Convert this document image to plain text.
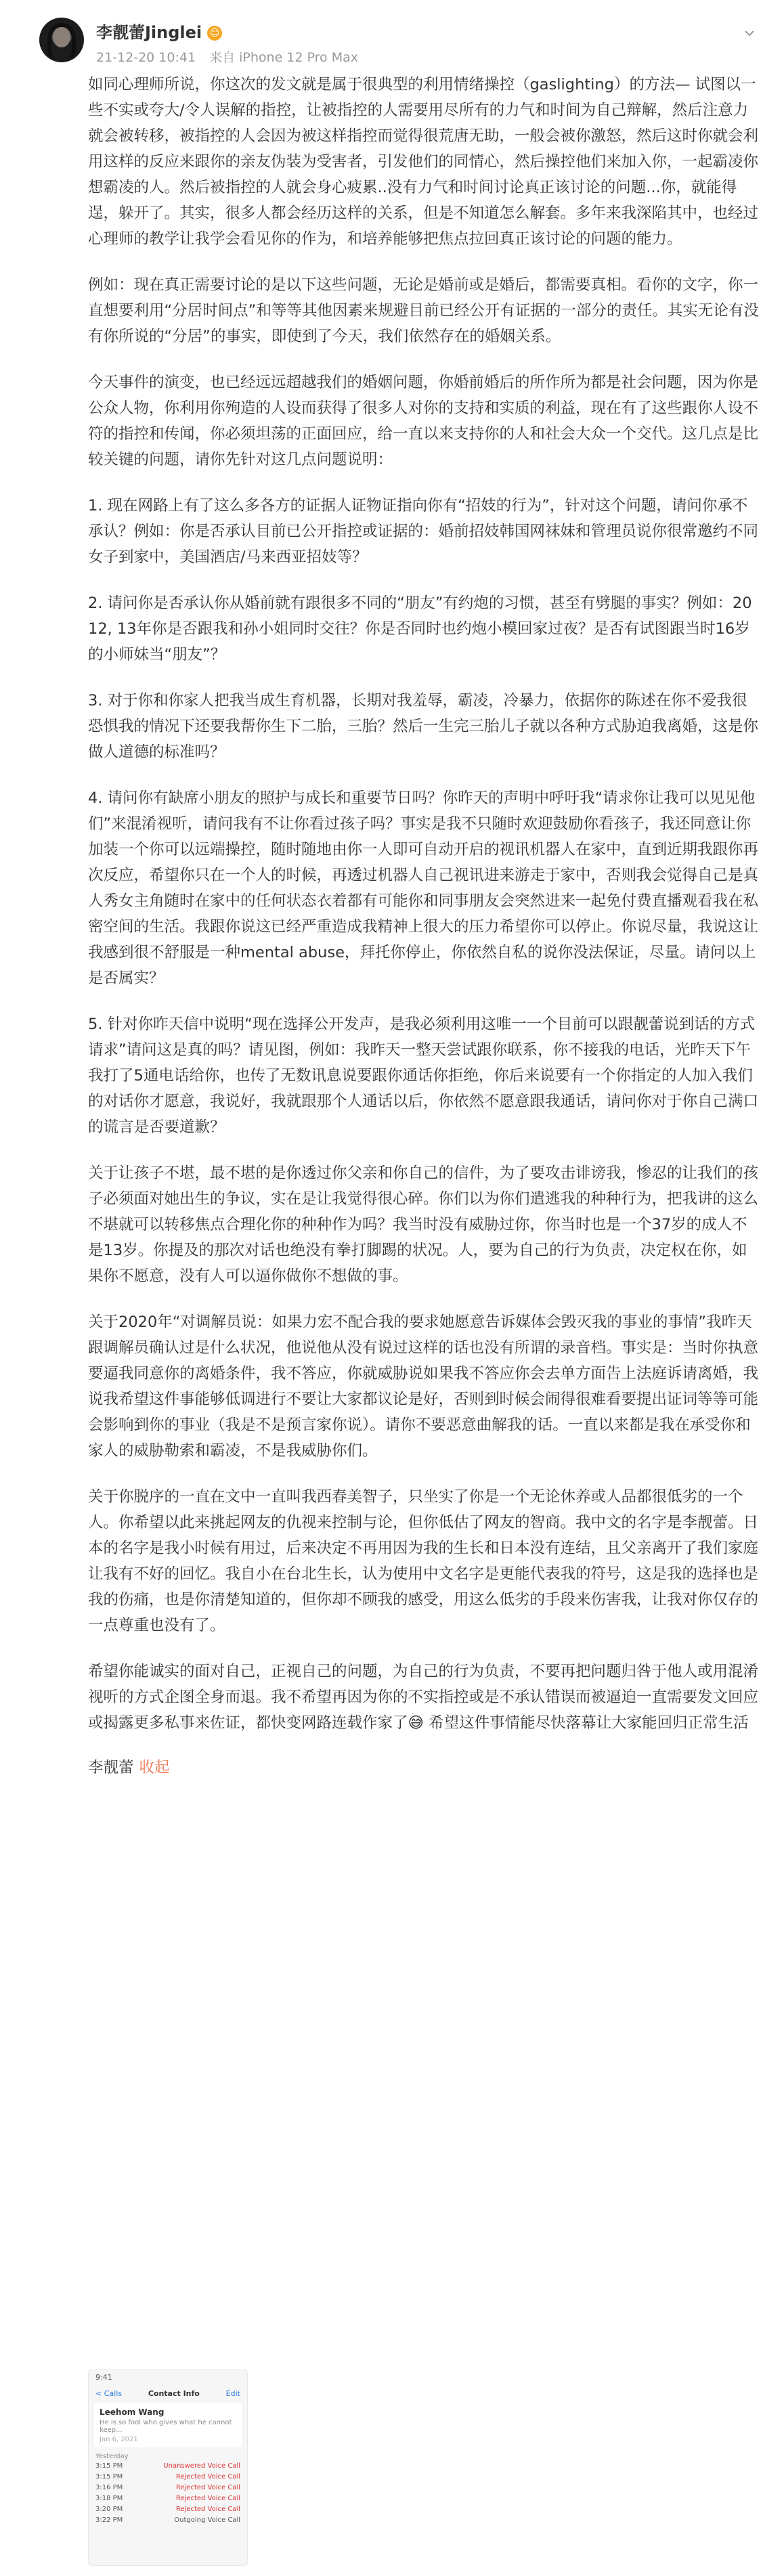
李靓蕾Jinglei ☺
21-12-20 10:41 来自 iPhone 12 Pro Max

如同心理师所说，你这次的发文就是属于很典型的利用情绪操控（gaslighting）的方法— 试图以一些不实或夸大/令人误解的指控，让被指控的人需要用尽所有的力气和时间为自己辩解，然后注意力就会被转移，被指控的人会因为被这样指控而觉得很荒唐无助，一般会被你激怒，然后这时你就会利用这样的反应来跟你的亲友伪装为受害者，引发他们的同情心，然后操控他们来加入你，一起霸凌你想霸凌的人。然后被指控的人就会身心疲累..没有力气和时间讨论真正该讨论的问题...你，就能得逞，躲开了。其实，很多人都会经历这样的关系，但是不知道怎么解套。多年来我深陷其中，也经过心理师的教学让我学会看见你的作为，和培养能够把焦点拉回真正该讨论的问题的能力。

例如：现在真正需要讨论的是以下这些问题，无论是婚前或是婚后，都需要真相。看你的文字，你一直想要利用“分居时间点”和等等其他因素来规避目前已经公开有证据的一部分的责任。其实无论有没有你所说的“分居”的事实，即使到了今天，我们依然存在的婚姻关系。

今天事件的演变，也已经远远超越我们的婚姻问题，你婚前婚后的所作所为都是社会问题，因为你是公众人物，你利用你殉造的人设而获得了很多人对你的支持和实质的利益，现在有了这些跟你人设不符的指控和传闻，你必须坦荡的正面回应，给一直以来支持你的人和社会大众一个交代。这几点是比较关键的问题，请你先针对这几点问题说明：

1. 现在网路上有了这么多各方的证据人证物证指向你有“招妓的行为”，针对这个问题，请问你承不承认？例如：你是否承认目前已公开指控或证据的：婚前招妓韩国网袜妹和管理员说你很常邀约不同女子到家中，美国酒店/马来西亚招妓等？

2. 请问你是否承认你从婚前就有跟很多不同的“朋友”有约炮的习惯，甚至有劈腿的事实？例如：2012, 13年你是否跟我和孙小姐同时交往？你是否同时也约炮小模回家过夜？是否有试图跟当时16岁的小师妹当“朋友”？

3. 对于你和你家人把我当成生育机器，长期对我羞辱，霸凌，冷暴力，依据你的陈述在你不爱我很恐惧我的情况下还要我帮你生下二胎，三胎？然后一生完三胎儿子就以各种方式胁迫我离婚，这是你做人道德的标准吗？

4. 请问你有缺席小朋友的照护与成长和重要节日吗？你昨天的声明中呼吁我“请求你让我可以见见他们”来混淆视听，请问我有不让你看过孩子吗？事实是我不只随时欢迎鼓励你看孩子，我还同意让你加装一个你可以远端操控，随时随地由你一人即可自动开启的视讯机器人在家中，直到近期我跟你再次反应，希望你只在一个人的时候，再透过机器人自己视讯进来游走于家中，否则我会觉得自己是真人秀女主角随时在家中的任何状态衣着都有可能你和同事朋友会突然进来一起免付费直播观看我在私密空间的生活。我跟你说这已经严重造成我精神上很大的压力希望你可以停止。你说尽量，我说这让我感到很不舒服是一种mental abuse，拜托你停止，你依然自私的说你没法保证，尽量。请问以上是否属实？

5. 针对你昨天信中说明“现在选择公开发声，是我必须利用这唯一一个目前可以跟靓蕾说到话的方式请求”请问这是真的吗？请见图，例如：我昨天一整天尝试跟你联系，你不接我的电话，光昨天下午我打了5通电话给你，也传了无数讯息说要跟你通话你拒绝，你后来说要有一个你指定的人加入我们的对话你才愿意，我说好，我就跟那个人通话以后，你依然不愿意跟我通话，请问你对于你自己满口的谎言是否要道歉？

关于让孩子不堪，最不堪的是你透过你父亲和你自己的信件，为了要攻击诽谤我，惨忍的让我们的孩子必须面对她出生的争议，实在是让我觉得很心碎。你们以为你们遣逃我的种种行为，把我讲的这么不堪就可以转移焦点合理化你的种种作为吗？我当时没有威胁过你，你当时也是一个37岁的成人不是13岁。你提及的那次对话也绝没有拳打脚踢的状况。人，要为自己的行为负责，决定权在你，如果你不愿意，没有人可以逼你做你不想做的事。

关于2020年“对调解员说：如果力宏不配合我的要求她愿意告诉媒体会毁灭我的事业的事情”我昨天跟调解员确认过是什么状况，他说他从没有说过这样的话也没有所谓的录音档。事实是：当时你执意要逼我同意你的离婚条件，我不答应，你就威胁说如果我不答应你会去单方面告上法庭诉请离婚，我说我希望这件事能够低调进行不要让大家都议论是好，否则到时候会闹得很难看要提出证词等等可能会影响到你的事业（我是不是预言家你说）。请你不要恶意曲解我的话。一直以来都是我在承受你和家人的威胁勒索和霸凌，不是我威胁你们。

关于你脱序的一直在文中一直叫我西春美智子，只坐实了你是一个无论休养或人品都很低劣的一个人。你希望以此来挑起网友的仇视来控制与论，但你低估了网友的智商。我中文的名字是李靓蕾。日本的名字是我小时候有用过，后来决定不再用因为我的生长和日本没有连结，且父亲离开了我们家庭让我有不好的回忆。我自小在台北生长，认为使用中文名字是更能代表我的符号，这是我的选择也是我的伤痛，也是你清楚知道的，但你却不顾我的感受，用这么低劣的手段来伤害我，让我对你仅存的一点尊重也没有了。

希望你能诚实的面对自己，正视自己的问题，为自己的行为负责，不要再把问题归咎于他人或用混淆视听的方式企图全身而退。我不希望再因为你的不实指控或是不承认错误而被逼迫一直需要发文回应或揭露更多私事来佐证，都快变网路连载作家了😅 希望这件事情能尽快落幕让大家能回归正常生活

李靓蕾 收起
9:41
< Calls	Contact Info	Edit
Leehom Wang
He is so fool who gives what he cannot keep...
Jan 6, 2021
Yesterday
3:15 PM	Unanswered Voice Call
3:15 PM	Rejected Voice Call
3:16 PM	Rejected Voice Call
3:18 PM	Rejected Voice Call
3:20 PM	Rejected Voice Call
3:22 PM	Outgoing Voice Call
